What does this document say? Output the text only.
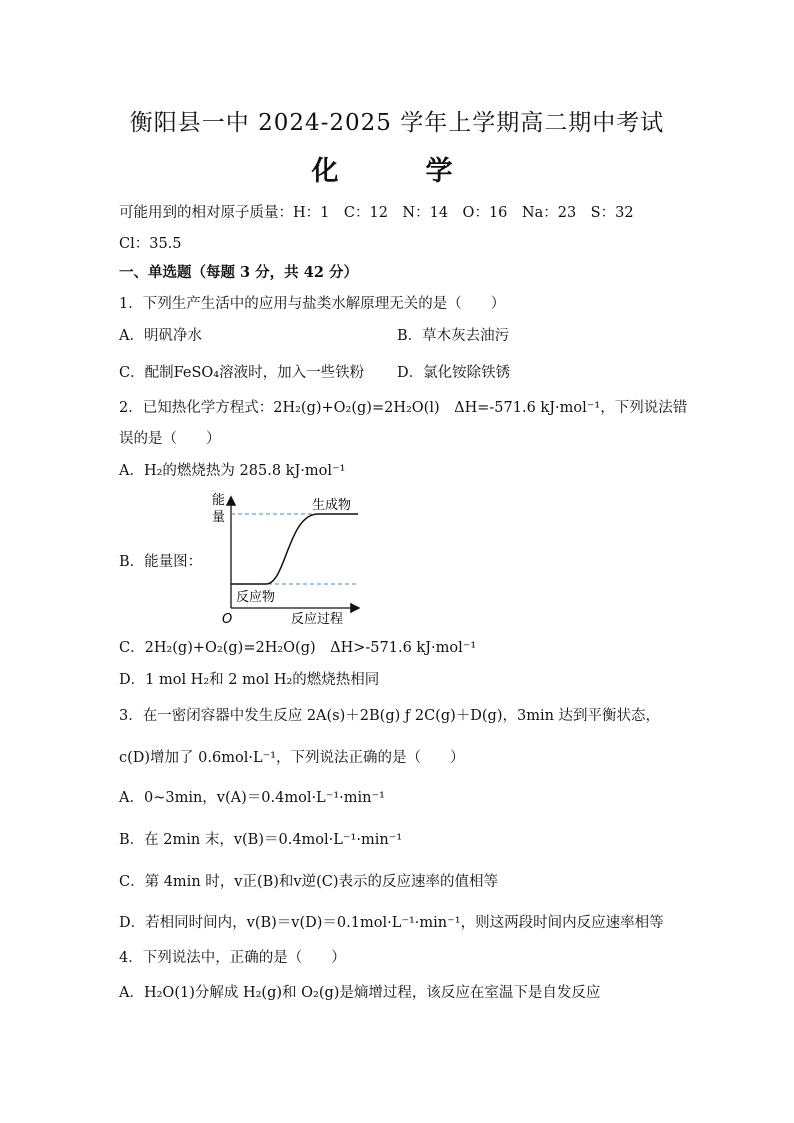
衡阳县一中 2024-2025 学年上学期高二期中考试
化　学
可能用到的相对原子质量：H：1　C：12　N：14　O：16　Na：23　S：32
Cl：35.5
一、单选题（每题 3 分，共 42 分）
1．下列生产生活中的应用与盐类水解原理无关的是（　　）
A．明矾净水	B．草木灰去油污
C．配制FeSO₄溶液时，加入一些铁粉 D．氯化铵除铁锈
2．已知热化学方程式：2H₂(g)+O₂(g)=2H₂O(l)　ΔH=-571.6 kJ·mol⁻¹，下列说法错
误的是（　　）
A．H₂的燃烧热为 285.8 kJ·mol⁻¹
B．能量图：
能
量
生成物
反应物
O	反应过程
C．2H₂(g)+O₂(g)=2H₂O(g)　ΔH>-571.6 kJ·mol⁻¹
D．1 mol H₂和 2 mol H₂的燃烧热相同
3．在一密闭容器中发生反应 2A(s)＋2B(g) ƒ 2C(g)＋D(g)，3min 达到平衡状态，
c(D)增加了 0.6mol·L⁻¹，下列说法正确的是（　　）
A．0~3min，v(A)＝0.4mol·L⁻¹·min⁻¹
B．在 2min 末，v(B)＝0.4mol·L⁻¹·min⁻¹
C．第 4min 时，v正(B)和v逆(C)表示的反应速率的值相等
D．若相同时间内，v(B)＝v(D)＝0.1mol·L⁻¹·min⁻¹，则这两段时间内反应速率相等
4．下列说法中，正确的是（　　）
A．H₂O(1)分解成 H₂(g)和 O₂(g)是熵增过程，该反应在室温下是自发反应
